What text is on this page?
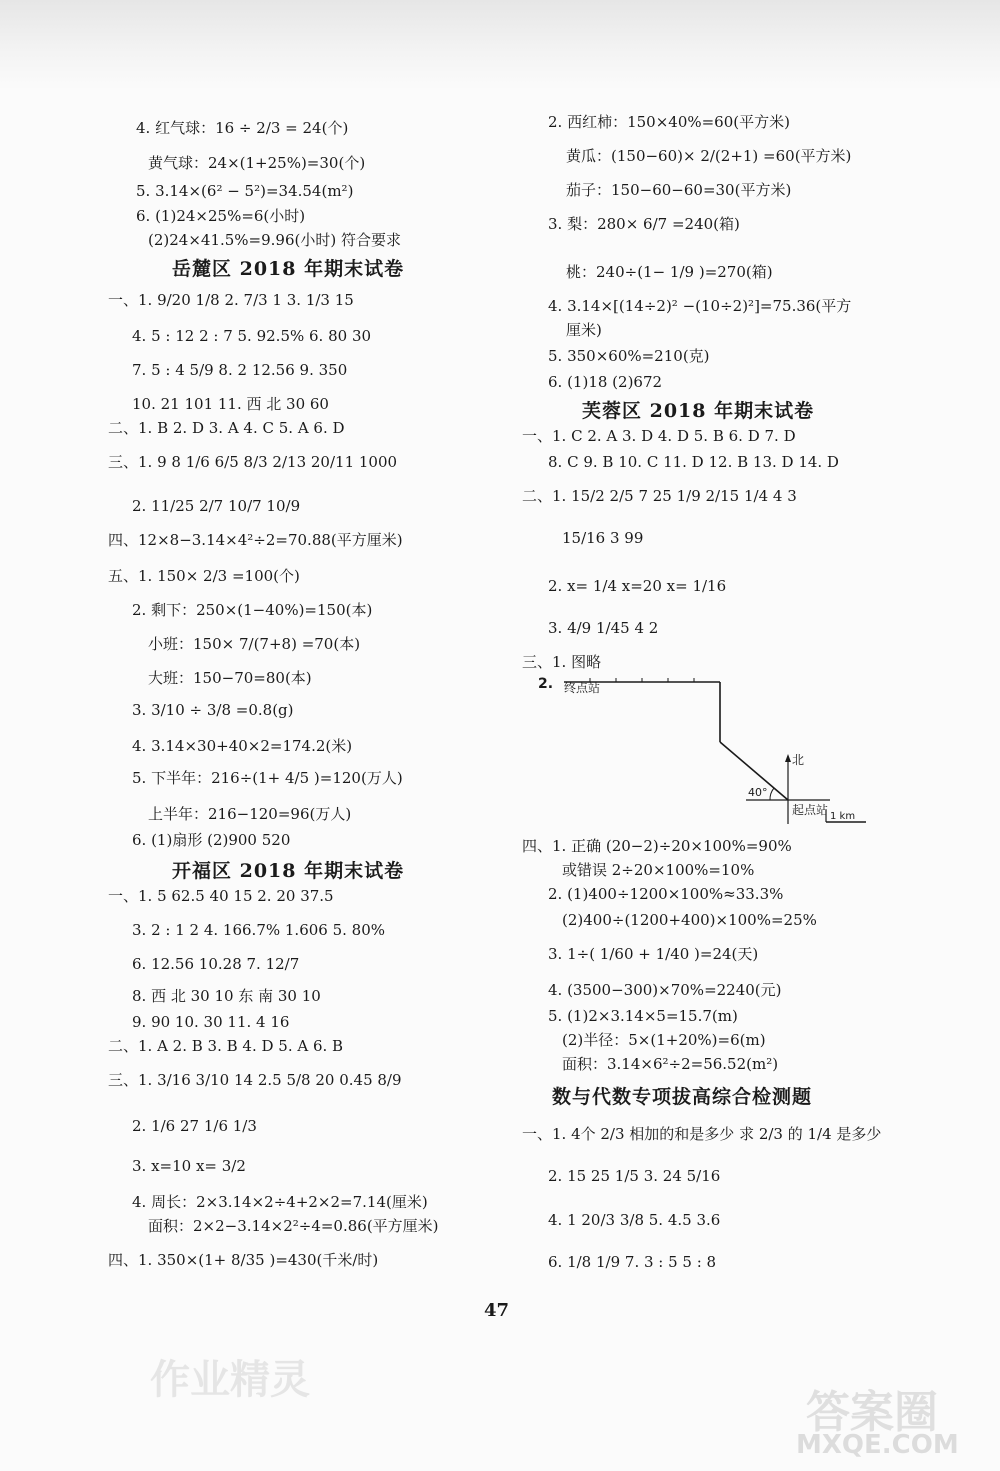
4. 红气球：16 ÷ 2/3 = 24(个)
黄气球：24×(1+25%)=30(个)
5. 3.14×(6² − 5²)=34.54(m²)
6. (1)24×25%=6(小时)
(2)24×41.5%=9.96(小时) 符合要求
岳麓区 2018 年期末试卷
一、1. 9/20 1/8 2. 7/3 1 3. 1/3 15
4. 5 : 12 2 : 7 5. 92.5% 6. 80 30
7. 5 : 4 5/9 8. 2 12.56 9. 350
10. 21 101 11. 西 北 30 60
二、1. B 2. D 3. A 4. C 5. A 6. D
三、1. 9 8 1/6 6/5 8/3 2/13 20/11 1000
2. 11/25 2/7 10/7 10/9
四、12×8−3.14×4²÷2=70.88(平方厘米)
五、1. 150× 2/3 =100(个)
2. 剩下：250×(1−40%)=150(本)
小班：150× 7/(7+8) =70(本)
大班：150−70=80(本)
3. 3/10 ÷ 3/8 =0.8(g)
4. 3.14×30+40×2=174.2(米)
5. 下半年：216÷(1+ 4/5 )=120(万人)
上半年：216−120=96(万人)
6. (1)扇形 (2)900 520
开福区 2018 年期末试卷
一、1. 5 62.5 40 15 2. 20 37.5
3. 2 : 1 2 4. 166.7% 1.606 5. 80%
6. 12.56 10.28 7. 12/7
8. 西 北 30 10 东 南 30 10
9. 90 10. 30 11. 4 16
二、1. A 2. B 3. B 4. D 5. A 6. B
三、1. 3/16 3/10 14 2.5 5/8 20 0.45 8/9
2. 1/6 27 1/6 1/3
3. x=10 x= 3/2
4. 周长：2×3.14×2÷4+2×2=7.14(厘米)
面积：2×2−3.14×2²÷4=0.86(平方厘米)
四、1. 350×(1+ 8/35 )=430(千米/时)
2. 西红柿：150×40%=60(平方米)
黄瓜：(150−60)× 2/(2+1) =60(平方米)
茄子：150−60−60=30(平方米)
3. 梨：280× 6/7 =240(箱)
桃：240÷(1− 1/9 )=270(箱)
4. 3.14×[(14÷2)² −(10÷2)²]=75.36(平方
厘米)
5. 350×60%=210(克)
6. (1)18 (2)672
芙蓉区 2018 年期末试卷
一、1. C 2. A 3. D 4. D 5. B 6. D 7. D
8. C 9. B 10. C 11. D 12. B 13. D 14. D
二、1. 15/2 2/5 7 25 1/9 2/15 1/4 4 3
15/16 3 99
2. x= 1/4 x=20 x= 1/16
3. 4/9 1/45 4 2
三、1. 图略
2. 终点站
北
40°
起点站 1 km
四、1. 正确 (20−2)÷20×100%=90%
或错误 2÷20×100%=10%
2. (1)400÷1200×100%≈33.3%
(2)400÷(1200+400)×100%=25%
3. 1÷( 1/60 + 1/40 )=24(天)
4. (3500−300)×70%=2240(元)
5. (1)2×3.14×5=15.7(m)
(2)半径：5×(1+20%)=6(m)
面积：3.14×6²÷2=56.52(m²)
数与代数专项拔高综合检测题
一、1. 4个 2/3 相加的和是多少 求 2/3 的 1/4 是多少
2. 15 25 1/5 3. 24 5/16
4. 1 20/3 3/8 5. 4.5 3.6
6. 1/8 1/9 7. 3 : 5 5 : 8
47
作业精灵
答案圈
MXQE.COM
